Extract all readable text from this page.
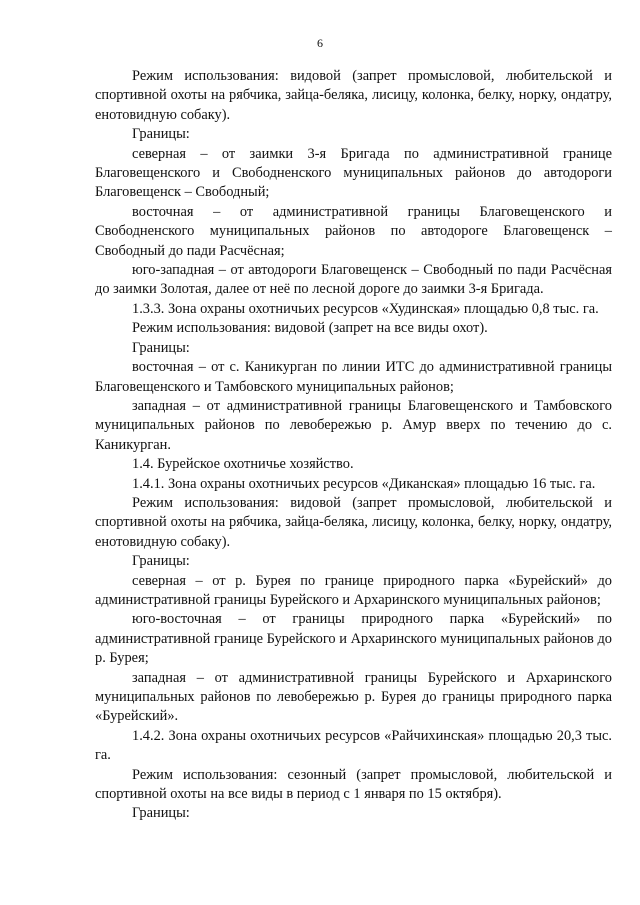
6

Режим использования: видовой (запрет промысловой, любительской и спортивной охоты на рябчика, зайца-беляка, лисицу, колонка, белку, норку, ондатру, енотовидную собаку).

Границы:

северная – от заимки 3-я Бригада по административной границе Благовещенского и Свободненского муниципальных районов до автодороги Благовещенск – Свободный;

восточная – от административной границы Благовещенского и Свободненского муниципальных районов по автодороге Благовещенск – Свободный до пади Расчёсная;

юго-западная – от автодороги Благовещенск – Свободный по пади Расчёсная до заимки Золотая, далее от неё по лесной дороге до заимки 3-я Бригада.

1.3.3. Зона охраны охотничьих ресурсов «Худинская» площадью 0,8 тыс. га.

Режим использования: видовой (запрет на все виды охот).

Границы:

восточная – от с. Каникурган по линии ИТС до административной границы Благовещенского и Тамбовского муниципальных районов;

западная – от административной границы Благовещенского и Тамбовского муниципальных районов по левобережью р. Амур вверх по течению до с. Каникурган.

1.4. Бурейское охотничье хозяйство.

1.4.1. Зона охраны охотничьих ресурсов «Диканская» площадью 16 тыс. га.

Режим использования: видовой (запрет промысловой, любительской и спортивной охоты на рябчика, зайца-беляка, лисицу, колонка, белку, норку, ондатру, енотовидную собаку).

Границы:

северная – от р. Бурея по границе природного парка «Бурейский» до административной границы Бурейского и Архаринского муниципальных районов;

юго-восточная – от границы природного парка «Бурейский» по административной границе Бурейского и Архаринского муниципальных районов до р. Бурея;

западная – от административной границы Бурейского и Архаринского муниципальных районов по левобережью р. Бурея до границы природного парка «Бурейский».

1.4.2. Зона охраны охотничьих ресурсов «Райчихинская» площадью 20,3 тыс. га.

Режим использования: сезонный (запрет промысловой, любительской и спортивной охоты на все виды в период с 1 января по 15 октября).

Границы:
